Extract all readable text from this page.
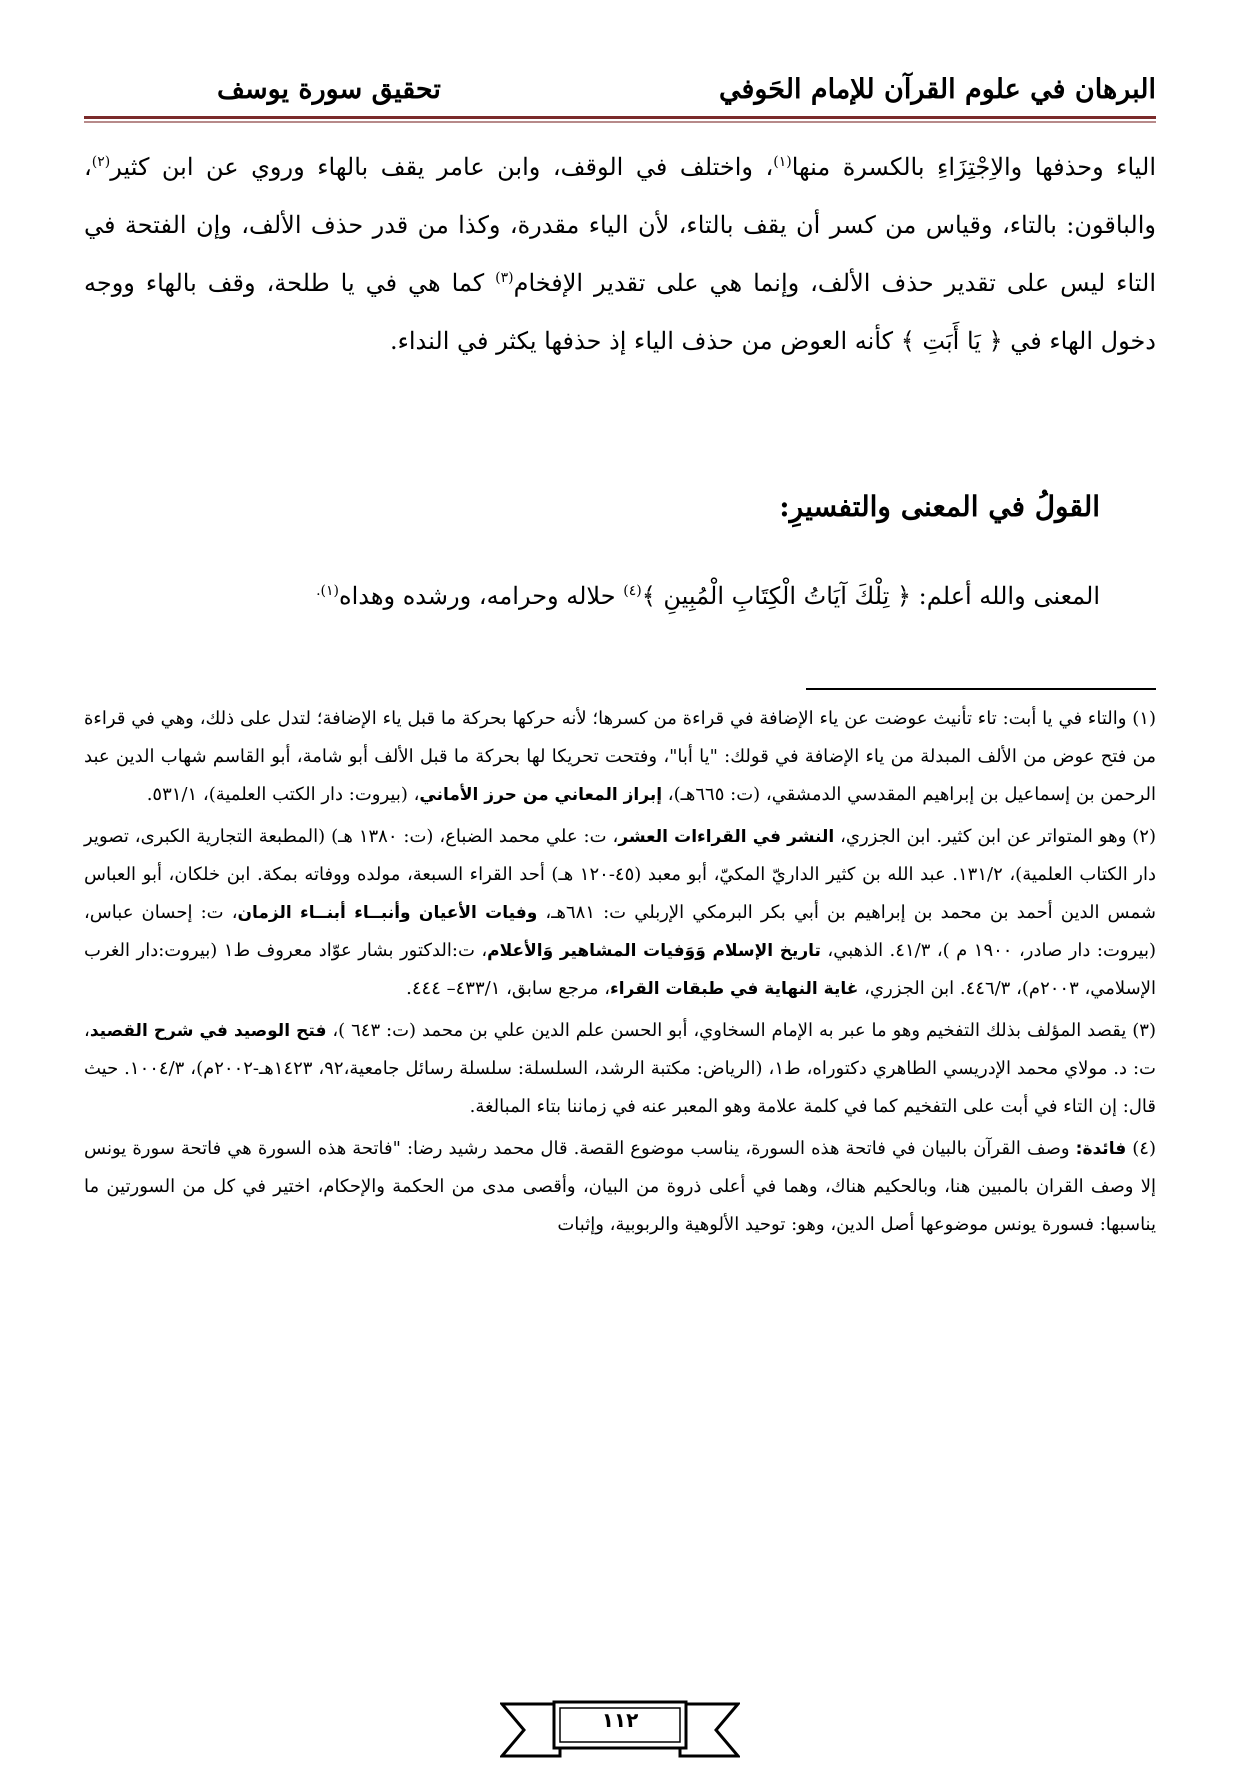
البرهان في علوم القرآن للإمام الحَوفي
تحقيق سورة يوسف

الياء وحذفها والاِجْتِزَاءِ بالكسرة منها$^{(١)}$، واختلف في الوقف، وابن عامر يقف بالهاء وروي عن ابن كثير$^{(٢)}$، والباقون: بالتاء، وقياس من كسر أن يقف بالتاء، لأن الياء مقدرة، وكذا من قدر حذف الألف، وإن الفتحة في التاء ليس على تقدير حذف الألف، وإنما هي على تقدير الإفخام$^{(٣)}$ كما هي في يا طلحة، وقف بالهاء ووجه دخول الهاء في ﴿ يَا أَبَتِ ﴾ كأنه العوض من حذف الياء إذ حذفها يكثر في النداء.

القولُ في المعنى والتفسيرِ:
المعنى والله أعلم: ﴿ تِلْكَ آيَاتُ الْكِتَابِ الْمُبِينِ ﴾$^{(٤)}$ حلاله وحرامه، ورشده وهداه$^{(١).}$

(١) والتاء في يا أبت: تاء تأنيث عوضت عن ياء الإضافة في قراءة من كسرها؛ لأنه حركها بحركة ما قبل ياء الإضافة؛ لتدل على ذلك، وهي في قراءة من فتح عوض من الألف المبدلة من ياء الإضافة في قولك: "يا أبا"، وفتحت تحريكا لها بحركة ما قبل الألف أبو شامة، أبو القاسم شهاب الدين عبد الرحمن بن إسماعيل بن إبراهيم المقدسي الدمشقي، (ت: ٦٦٥هـ)، إبراز المعاني من حرز الأماني، (بيروت: دار الكتب العلمية)، ٥٣١/١.

(٢) وهو المتواتر عن ابن كثير. ابن الجزري، النشر في القراءات العشر، ت: علي محمد الضباع، (ت: ١٣٨٠ هـ) (المطبعة التجارية الكبرى، تصوير دار الكتاب العلمية)، ١٣١/٢. عبد الله بن كثير الداريّ المكيّ، أبو معبد (٤٥-١٢٠ هـ) أحد القراء السبعة، مولده ووفاته بمكة. ابن خلكان، أبو العباس شمس الدين أحمد بن محمد بن إبراهيم بن أبي بكر البرمكي الإربلي ت: ٦٨١هـ، وفيات الأعيان وأنبــاء أبنــاء الزمان، ت: إحسان عباس، (بيروت: دار صادر، ١٩٠٠ م )، ٤١/٣. الذهبي، تاريخ الإسلام وَوَفيات المشاهير وَالأعلام، ت:الدكتور بشار عوّاد معروف ط١ (بيروت:دار الغرب الإسلامي، ٢٠٠٣م)، ٤٤٦/٣. ابن الجزري، غاية النهاية في طبقات القراء، مرجع سابق، ٤٣٣/١– ٤٤٤.

(٣) يقصد المؤلف بذلك التفخيم وهو ما عبر به الإمام السخاوي، أبو الحسن علم الدين علي بن محمد (ت: ٦٤٣ )، فتح الوصيد في شرح القصيد، ت: د. مولاي محمد الإدريسي الطاهري دكتوراه، ط١، (الرياض: مكتبة الرشد، السلسلة: سلسلة رسائل جامعية،٩٢، ١٤٢٣هـ-٢٠٠٢م)، ١٠٠٤/٣. حيث قال: إن التاء في أبت على التفخيم كما في كلمة علامة وهو المعبر عنه في زماننا بتاء المبالغة.

(٤) فائدة: وصف القرآن بالبيان في فاتحة هذه السورة، يناسب موضوع القصة. قال محمد رشيد رضا: "فاتحة هذه السورة هي فاتحة سورة يونس إلا وصف القران بالمبين هنا، وبالحكيم هناك، وهما في أعلى ذروة من البيان، وأقصى مدى من الحكمة والإحكام، اختير في كل من السورتين ما يناسبها: فسورة يونس موضوعها أصل الدين، وهو: توحيد الألوهية والربوبية، وإثبات

١١٢
